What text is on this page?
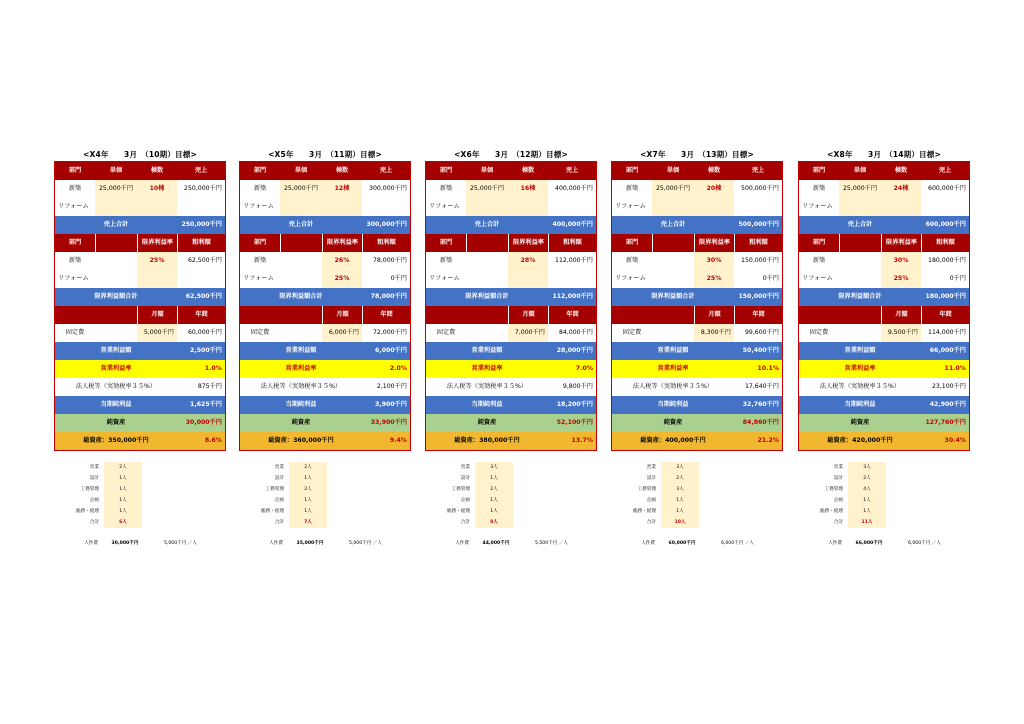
<X4年　　3月　（10期）目標>
部門	単価	棟数	売上
新築	25,000千円	10棟	250,000千円
リフォーム
売上合計	250,000千円
部門	限界利益率	粗利額
新築	25%	62,500千円
リフォーム
限界利益額合計	62,500千円
月額	年間
固定費	5,000千円	60,000千円
営業利益額	2,500千円
営業利益率	1.0%
法人税等（実効税率３５%）	875千円
当期純利益	1,625千円
純資産	30,000千円
総資産：350,000千円	8.6%
営業	2人
設計	1人
工務管理	1人
企画	1人
総務・経理	1人
合計	6人
人件費	30,000千円	5,000千円 ／人
<X5年　　3月　（11期）目標>
部門	単価	棟数	売上
新築	25,000千円	12棟	300,000千円
リフォーム
売上合計	300,000千円
部門	限界利益率	粗利額
新築	26%	78,000千円
リフォーム	25%	0千円
限界利益額合計	78,000千円
月額	年間
固定費	6,000千円	72,000千円
営業利益額	6,000千円
営業利益率	2.0%
法人税等（実効税率３５%）	2,100千円
当期純利益	3,900千円
純資産	33,900千円
総資産：360,000千円	9.4%
営業	2人
設計	1人
工務管理	2人
企画	1人
総務・経理	1人
合計	7人
人件費	35,000千円	5,000千円 ／人
<X6年　　3月　（12期）目標>
部門	単価	棟数	売上
新築	25,000千円	16棟	400,000千円
リフォーム
売上合計	400,000千円
部門	限界利益率	粗利額
新築	28%	112,000千円
リフォーム
限界利益額合計	112,000千円
月額	年間
固定費	7,000千円	84,000千円
営業利益額	28,000千円
営業利益率	7.0%
法人税等（実効税率３５%）	9,800千円
当期純利益	18,200千円
純資産	52,100千円
総資産：380,000千円	13.7%
営業	3人
設計	1人
工務管理	2人
企画	1人
総務・経理	1人
合計	8人
人件費	44,000千円	5,500千円 ／人
<X7年　　3月　（13期）目標>
部門	単価	棟数	売上
新築	25,000千円	20棟	500,000千円
リフォーム
売上合計	500,000千円
部門	限界利益率	粗利額
新築	30%	150,000千円
リフォーム	25%	0千円
限界利益額合計	150,000千円
月額	年間
固定費	8,300千円	99,600千円
営業利益額	50,400千円
営業利益率	10.1%
法人税等（実効税率３５%）	17,640千円
当期純利益	32,760千円
純資産	84,860千円
総資産：400,000千円	21.2%
営業	3人
設計	2人
工務管理	3人
企画	1人
総務・経理	1人
合計	10人
人件費	60,000千円	6,000千円 ／人
<X8年　　3月　（14期）目標>
部門	単価	棟数	売上
新築	25,000千円	24棟	600,000千円
リフォーム
売上合計	600,000千円
部門	限界利益率	粗利額
新築	30%	180,000千円
リフォーム	25%	0千円
限界利益額合計	180,000千円
月額	年間
固定費	9,500千円	114,000千円
営業利益額	66,000千円
営業利益率	11.0%
法人税等（実効税率３５%）	23,100千円
当期純利益	42,900千円
純資産	127,760千円
総資産：420,000千円	30.4%
営業	3人
設計	2人
工務管理	4人
企画	1人
総務・経理	1人
合計	11人
人件費	66,000千円	6,000千円 ／人
